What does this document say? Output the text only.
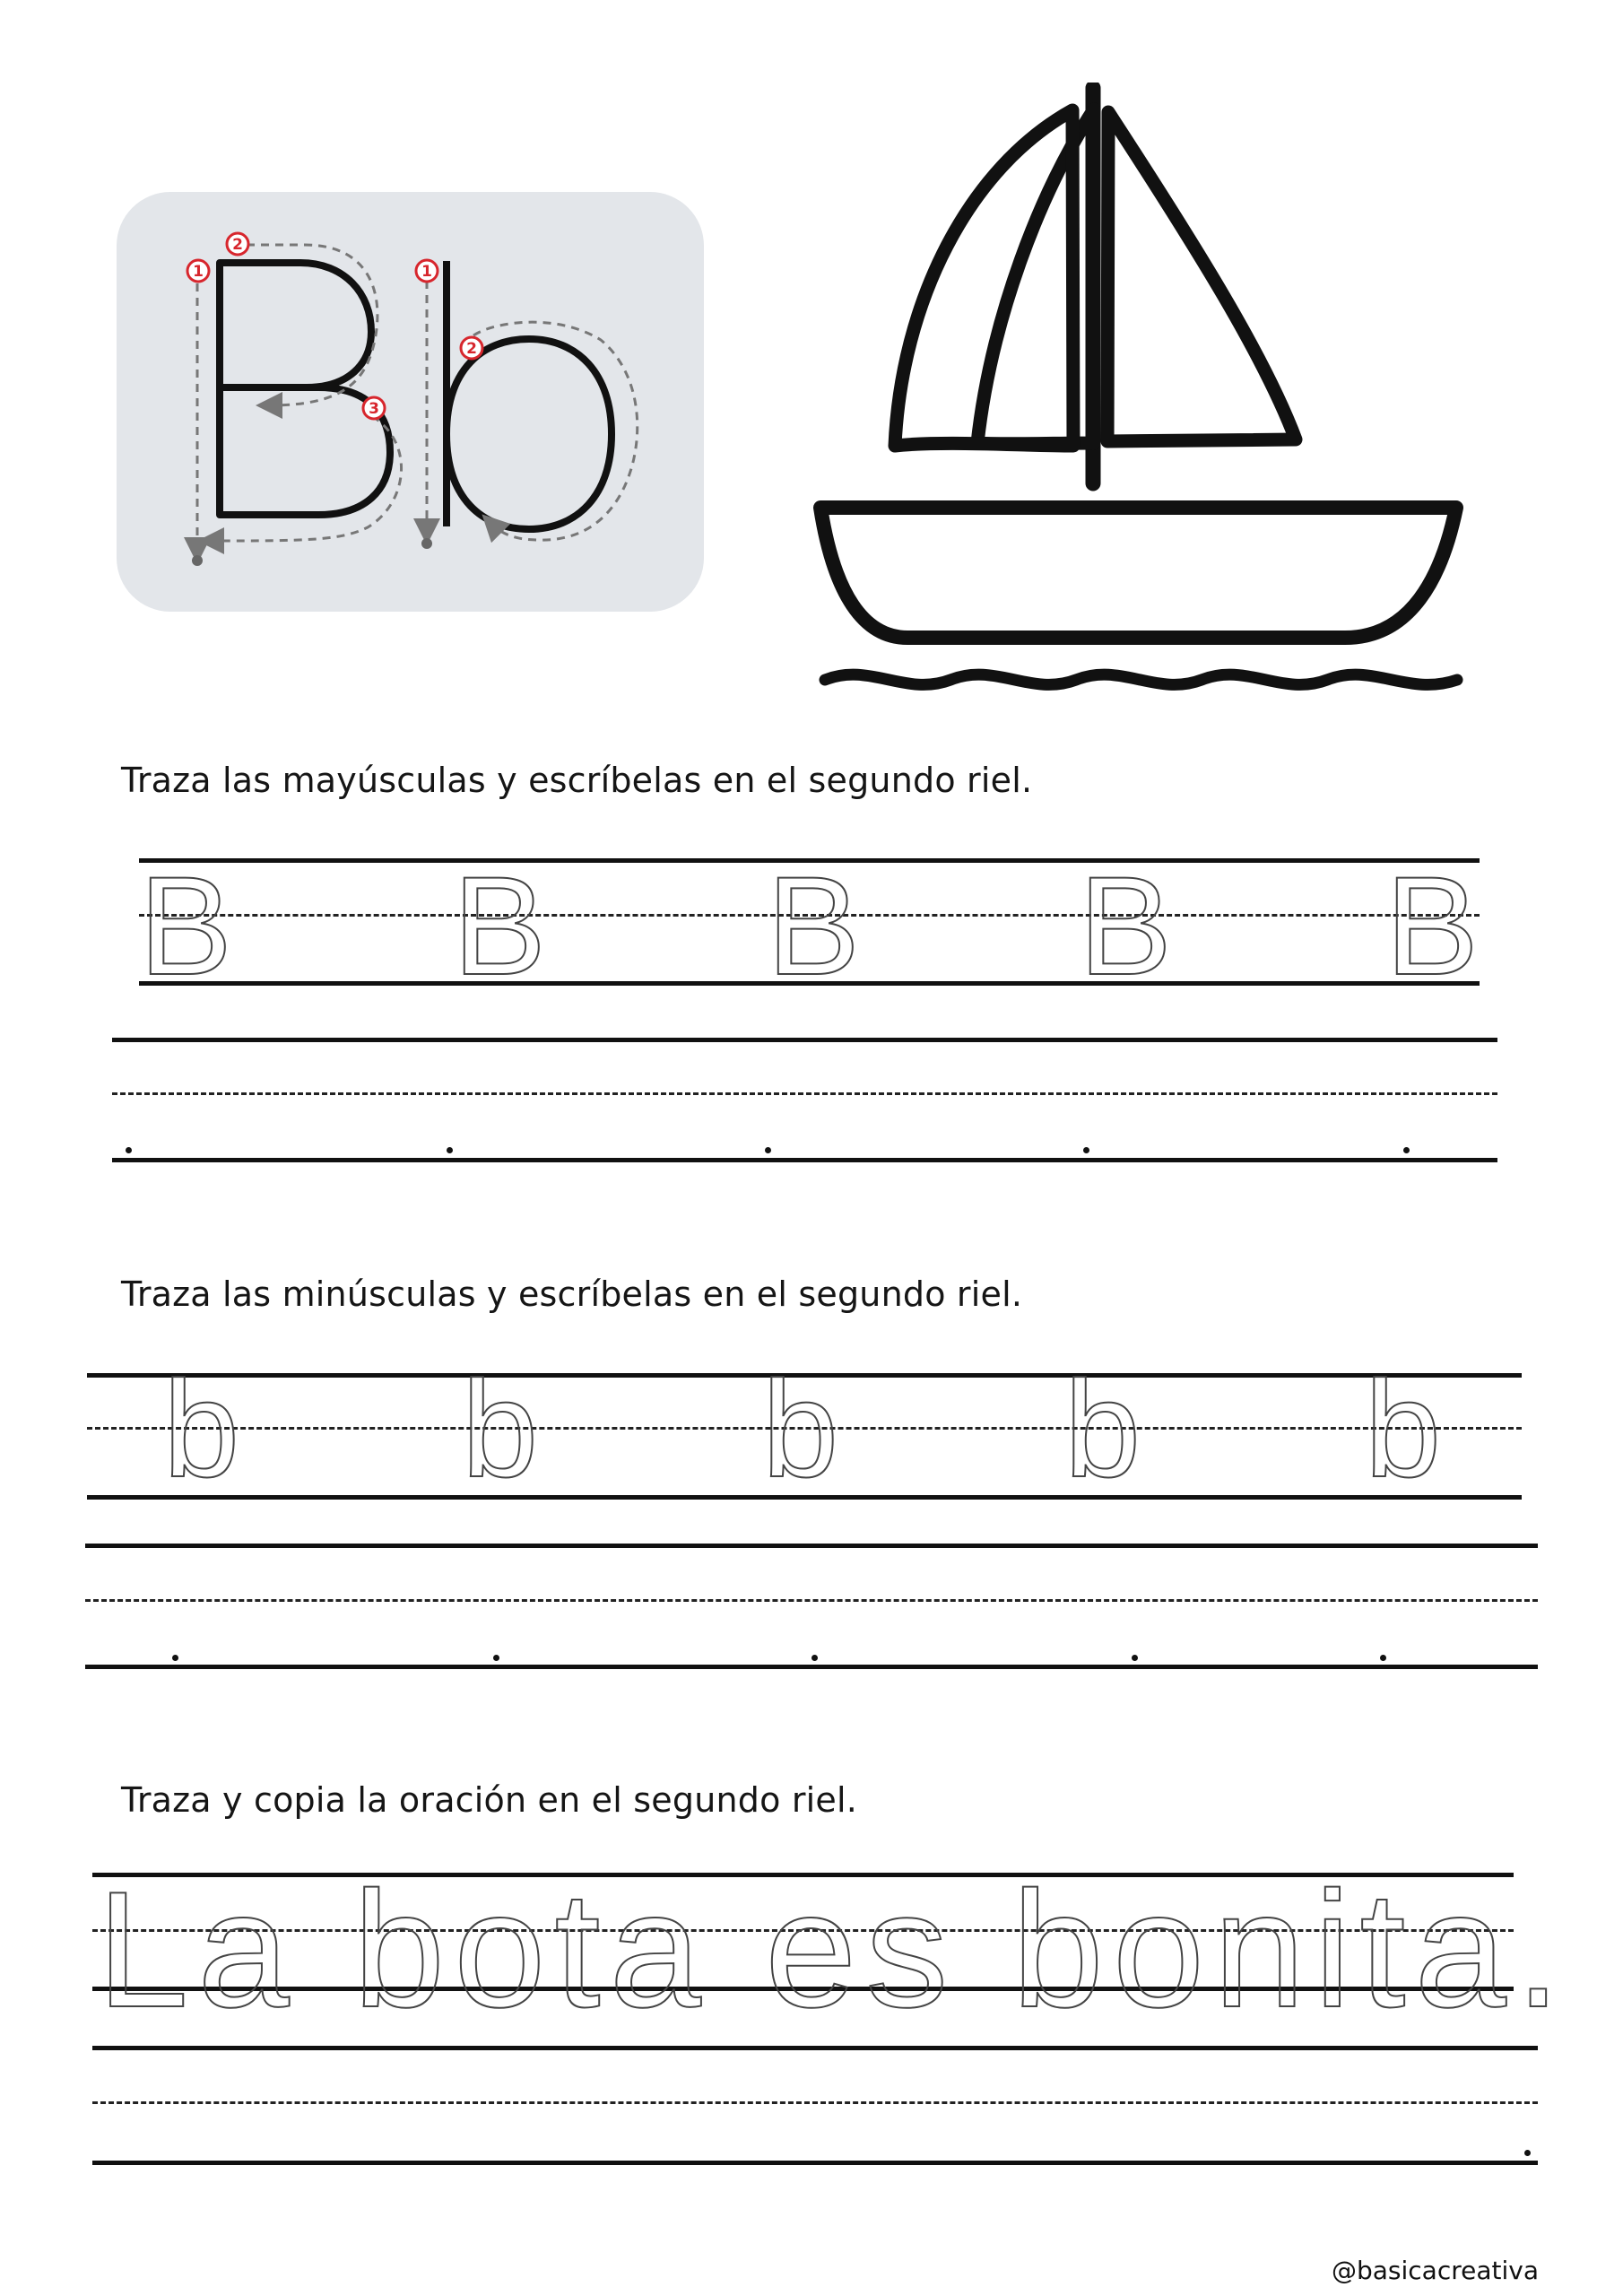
1
2
3
1
2
Traza las mayúsculas y escríbelas en el segundo riel.
B B B B B
Traza las minúsculas y escríbelas en el segundo riel.
b b b b b
Traza y copia la oración en el segundo riel.
La bota es bonita.
@basicacreativa
